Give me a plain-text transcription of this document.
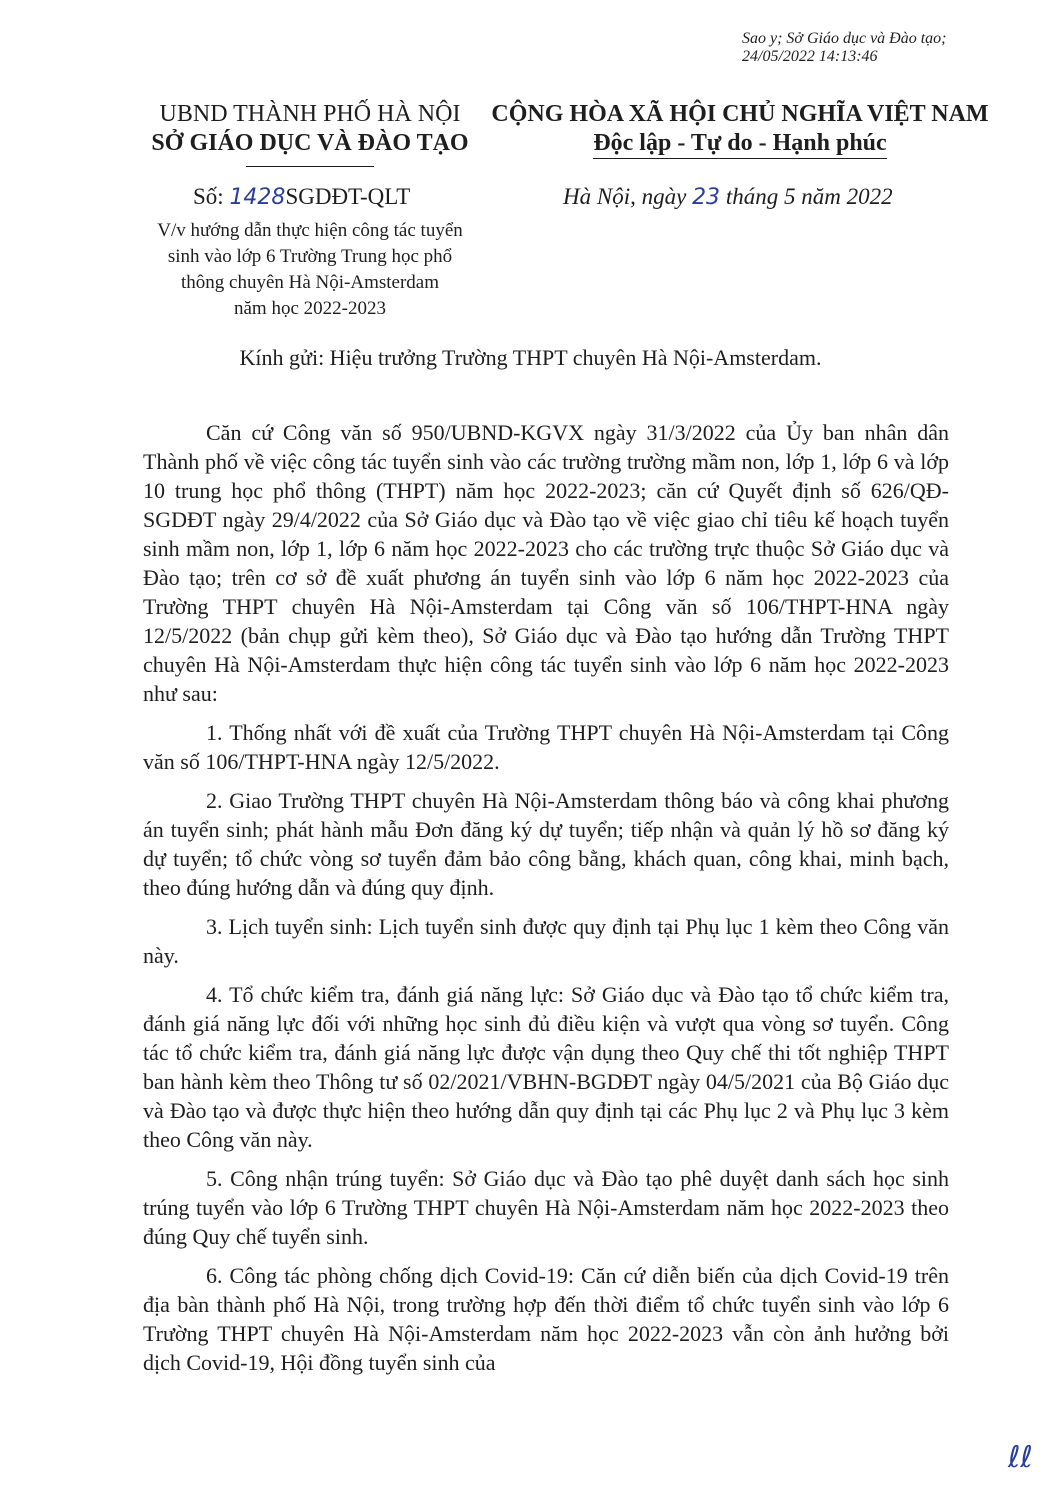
Sao y; Sở Giáo dục và Đào tạo;
24/05/2022 14:13:46
UBND THÀNH PHỐ HÀ NỘI
SỞ GIÁO DỤC VÀ ĐÀO TẠO
CỘNG HÒA XÃ HỘI CHỦ NGHĨA VIỆT NAM
Độc lập - Tự do - Hạnh phúc
Số: 1428SGDĐT-QLT	Hà Nội, ngày 23 tháng 5 năm 2022
V/v hướng dẫn thực hiện công tác tuyển
sinh vào lớp 6 Trường Trung học phổ
thông chuyên Hà Nội-Amsterdam
năm học 2022-2023
Kính gửi: Hiệu trưởng Trường THPT chuyên Hà Nội-Amsterdam.

Căn cứ Công văn số 950/UBND-KGVX ngày 31/3/2022 của Ủy ban nhân dân Thành phố về việc công tác tuyển sinh vào các trường trường mầm non, lớp 1, lớp 6 và lớp 10 trung học phổ thông (THPT) năm học 2022-2023; căn cứ Quyết định số 626/QĐ-SGDĐT ngày 29/4/2022 của Sở Giáo dục và Đào tạo về việc giao chỉ tiêu kế hoạch tuyển sinh mầm non, lớp 1, lớp 6 năm học 2022-2023 cho các trường trực thuộc Sở Giáo dục và Đào tạo; trên cơ sở đề xuất phương án tuyển sinh vào lớp 6 năm học 2022-2023 của Trường THPT chuyên Hà Nội-Amsterdam tại Công văn số 106/THPT-HNA ngày 12/5/2022 (bản chụp gửi kèm theo), Sở Giáo dục và Đào tạo hướng dẫn Trường THPT chuyên Hà Nội-Amsterdam thực hiện công tác tuyển sinh vào lớp 6 năm học 2022-2023 như sau:

1. Thống nhất với đề xuất của Trường THPT chuyên Hà Nội-Amsterdam tại Công văn số 106/THPT-HNA ngày 12/5/2022.

2. Giao Trường THPT chuyên Hà Nội-Amsterdam thông báo và công khai phương án tuyển sinh; phát hành mẫu Đơn đăng ký dự tuyển; tiếp nhận và quản lý hồ sơ đăng ký dự tuyển; tổ chức vòng sơ tuyển đảm bảo công bằng, khách quan, công khai, minh bạch, theo đúng hướng dẫn và đúng quy định.

3. Lịch tuyển sinh: Lịch tuyển sinh được quy định tại Phụ lục 1 kèm theo Công văn này.

4. Tổ chức kiểm tra, đánh giá năng lực: Sở Giáo dục và Đào tạo tổ chức kiểm tra, đánh giá năng lực đối với những học sinh đủ điều kiện và vượt qua vòng sơ tuyển. Công tác tổ chức kiểm tra, đánh giá năng lực được vận dụng theo Quy chế thi tốt nghiệp THPT ban hành kèm theo Thông tư số 02/2021/VBHN-BGDĐT ngày 04/5/2021 của Bộ Giáo dục và Đào tạo và được thực hiện theo hướng dẫn quy định tại các Phụ lục 2 và Phụ lục 3 kèm theo Công văn này.

5. Công nhận trúng tuyển: Sở Giáo dục và Đào tạo phê duyệt danh sách học sinh trúng tuyển vào lớp 6 Trường THPT chuyên Hà Nội-Amsterdam năm học 2022-2023 theo đúng Quy chế tuyển sinh.

6. Công tác phòng chống dịch Covid-19: Căn cứ diễn biến của dịch Covid-19 trên địa bàn thành phố Hà Nội, trong trường hợp đến thời điểm tổ chức tuyển sinh vào lớp 6 Trường THPT chuyên Hà Nội-Amsterdam năm học 2022-2023 vẫn còn ảnh hưởng bởi dịch Covid-19, Hội đồng tuyển sinh của

ℓℓ
